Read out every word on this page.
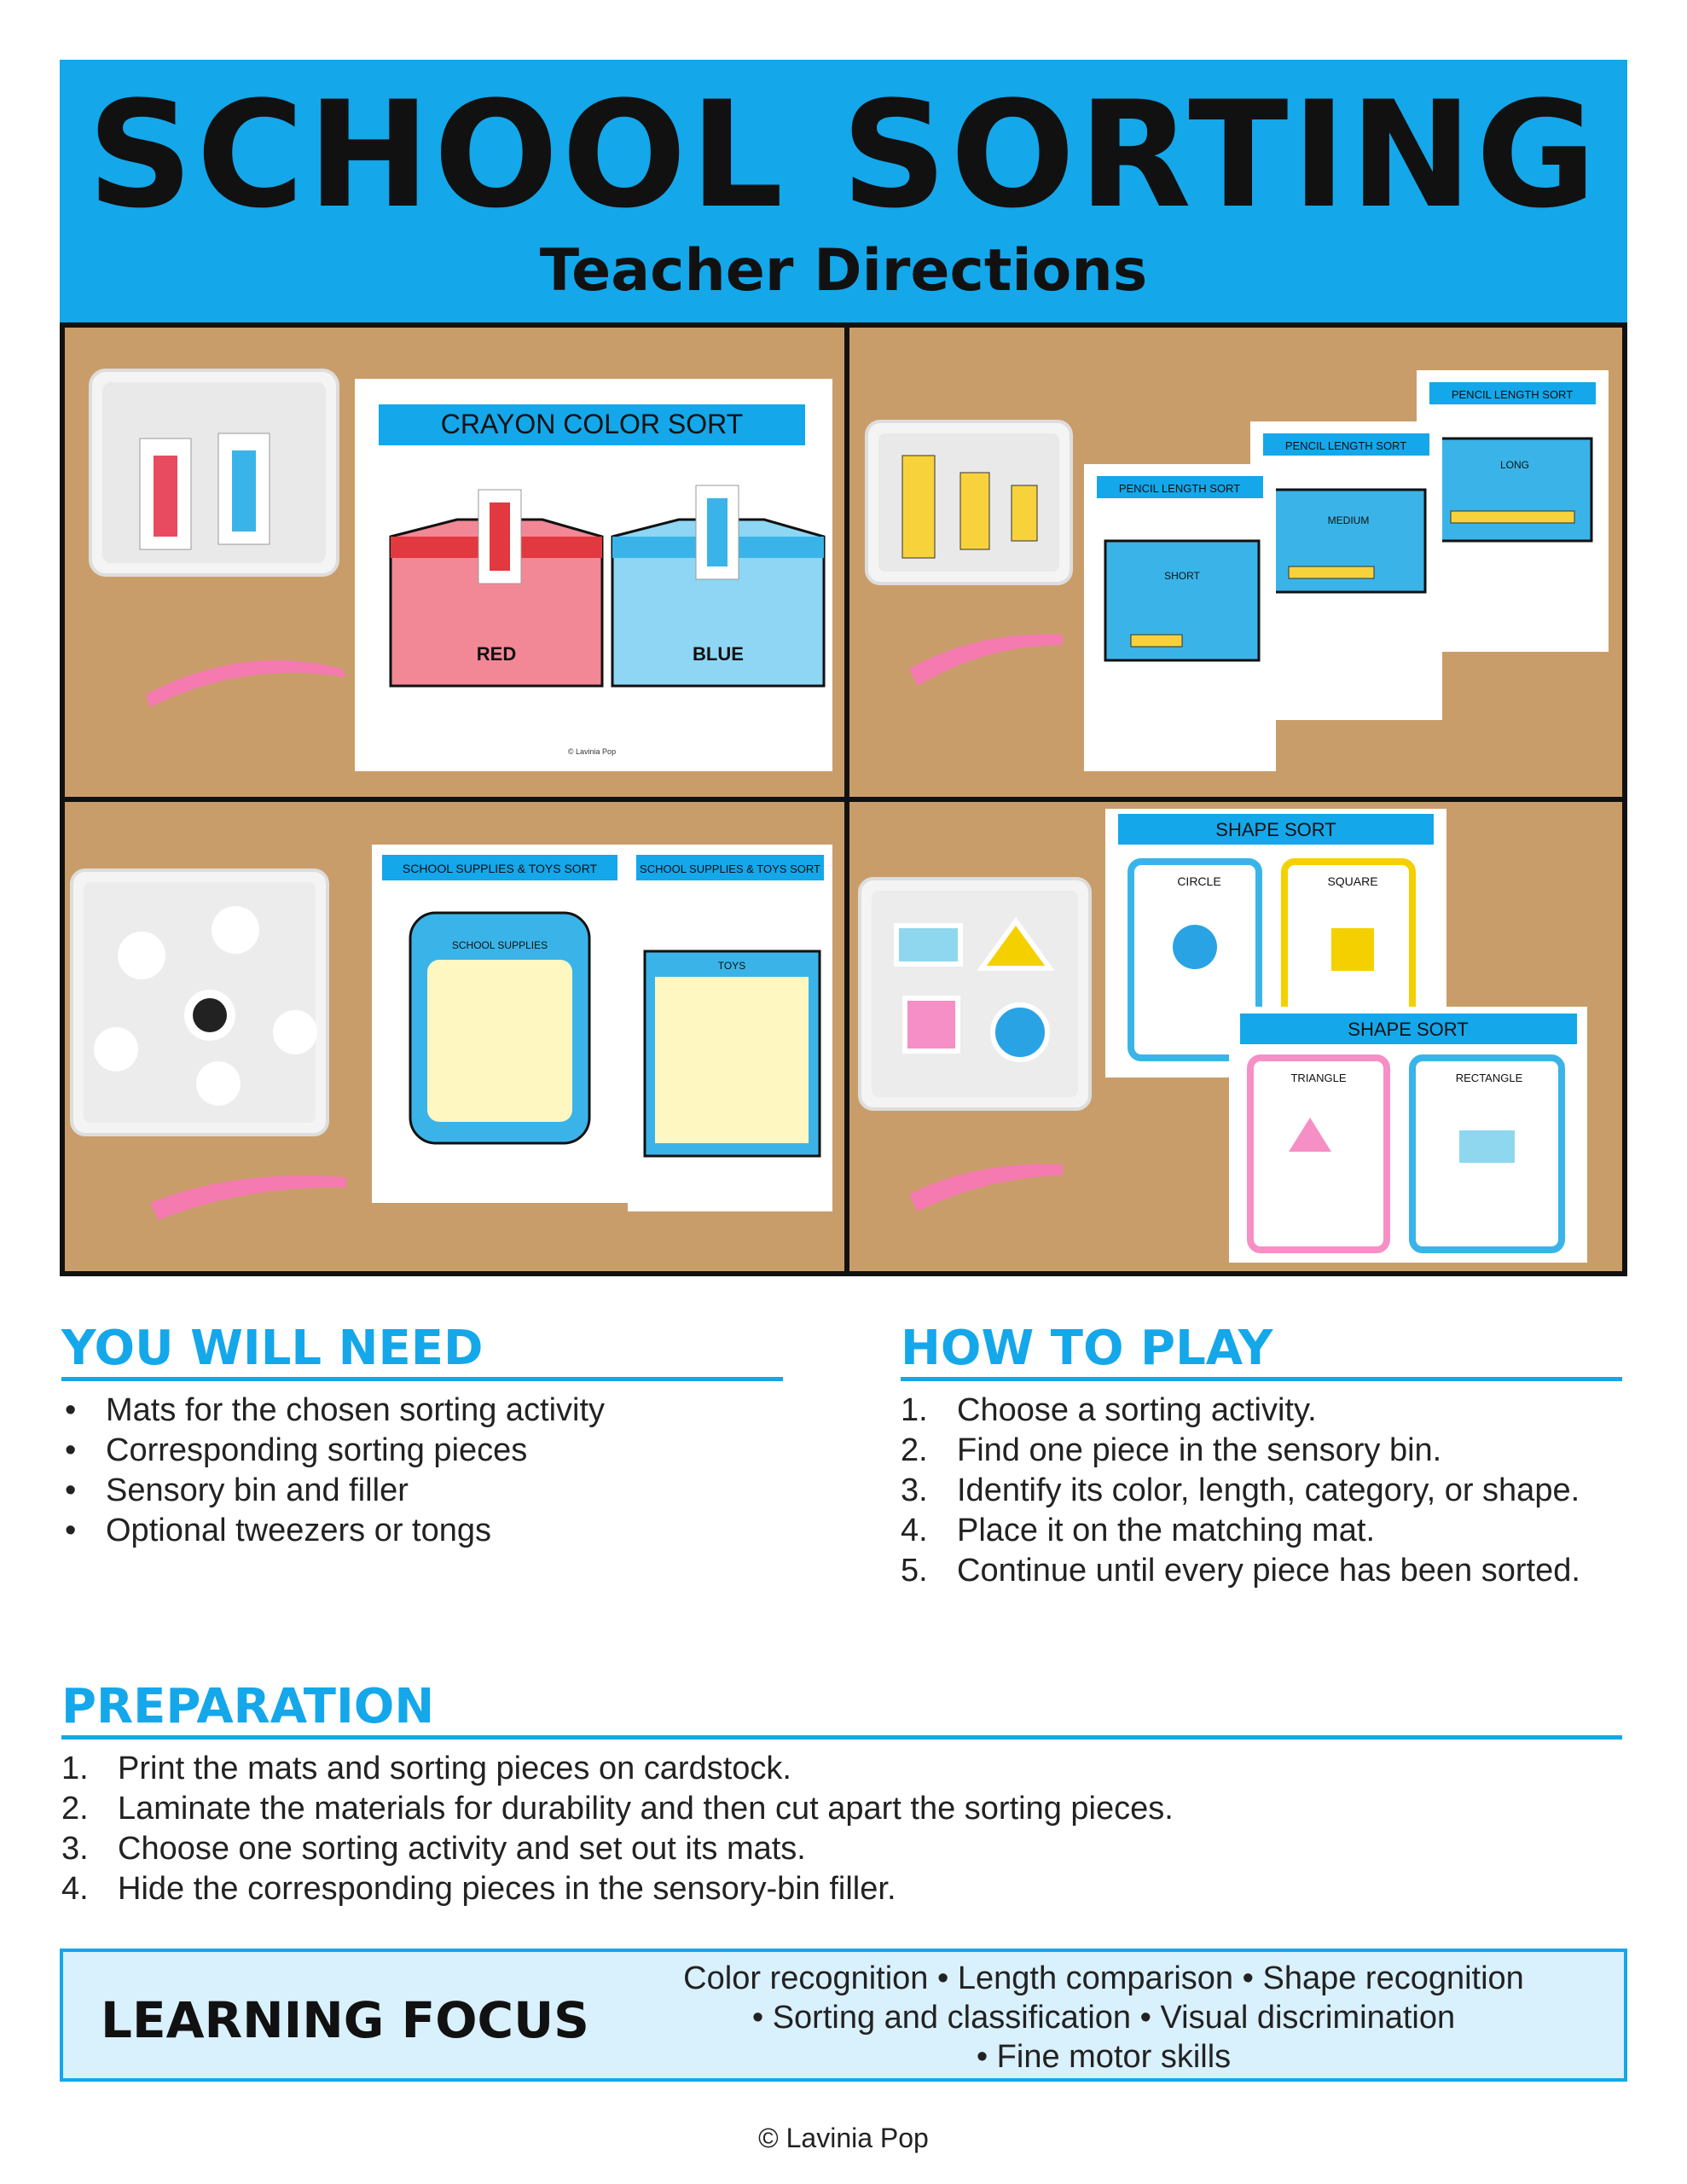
SCHOOL SORTING
Teacher Directions
CRAYON COLOR SORT
RED	BLUE
© Lavinia Pop
PENCIL LENGTH SORT
LONG
PENCIL LENGTH SORT
MEDIUM
PENCIL LENGTH SORT
SHORT
SCHOOL SUPPLIES & TOYS SORT
SCHOOL SUPPLIES
SCHOOL SUPPLIES & TOYS SORT
TOYS
SHAPE SORT
CIRCLE	SQUARE
SHAPE SORT
TRIANGLE	RECTANGLE
YOU WILL NEED
• Mats for the chosen sorting activity
• Corresponding sorting pieces
• Sensory bin and filler
• Optional tweezers or tongs
HOW TO PLAY
1. Choose a sorting activity.
2. Find one piece in the sensory bin.
3. Identify its color, length, category, or shape.
4. Place it on the matching mat.
5. Continue until every piece has been sorted.
PREPARATION
1. Print the mats and sorting pieces on cardstock.
2. Laminate the materials for durability and then cut apart the sorting pieces.
3. Choose one sorting activity and set out its mats.
4. Hide the corresponding pieces in the sensory-bin filler.
LEARNING FOCUS
Color recognition • Length comparison • Shape recognition
• Sorting and classification • Visual discrimination
• Fine motor skills
© Lavinia Pop
